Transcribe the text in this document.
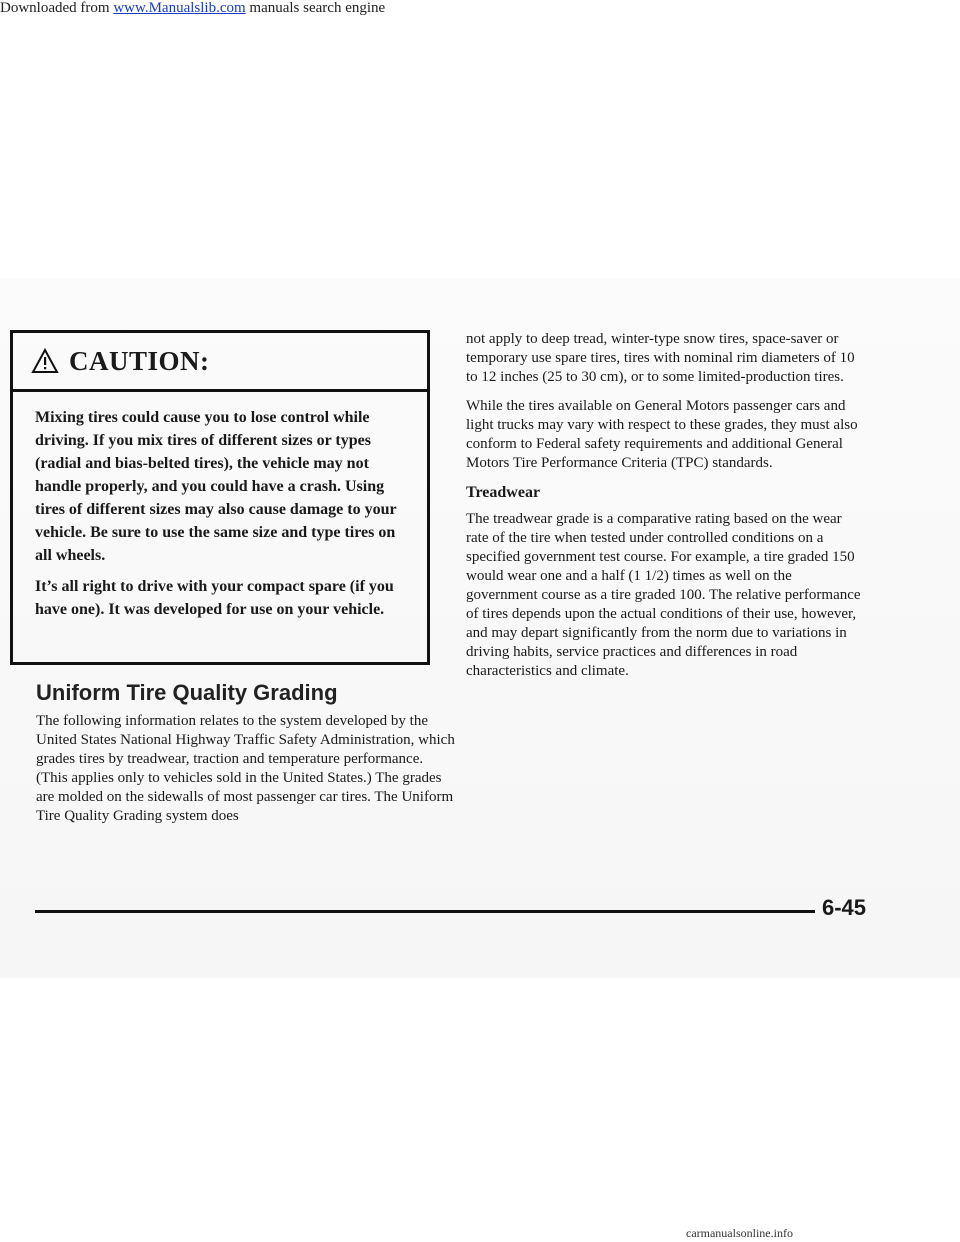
Downloaded from www.Manualslib.com manuals search engine
CAUTION:

Mixing tires could cause you to lose control while driving. If you mix tires of different sizes or types (radial and bias-belted tires), the vehicle may not handle properly, and you could have a crash. Using tires of different sizes may also cause damage to your vehicle. Be sure to use the same size and type tires on all wheels.

It’s all right to drive with your compact spare (if you have one). It was developed for use on your vehicle.

Uniform Tire Quality Grading

The following information relates to the system developed by the United States National Highway Traffic Safety Administration, which grades tires by treadwear, traction and temperature performance. (This applies only to vehicles sold in the United States.) The grades are molded on the sidewalls of most passenger car tires. The Uniform Tire Quality Grading system does

not apply to deep tread, winter-type snow tires, space-saver or temporary use spare tires, tires with nominal rim diameters of 10 to 12 inches (25 to 30 cm), or to some limited-production tires.

While the tires available on General Motors passenger cars and light trucks may vary with respect to these grades, they must also conform to Federal safety requirements and additional General Motors Tire Performance Criteria (TPC) standards.

Treadwear

The treadwear grade is a comparative rating based on the wear rate of the tire when tested under controlled conditions on a specified government test course. For example, a tire graded 150 would wear one and a half (1 1/2) times as well on the government course as a tire graded 100. The relative performance of tires depends upon the actual conditions of their use, however, and may depart significantly from the norm due to variations in driving habits, service practices and differences in road characteristics and climate.

6-45
carmanualsonline.info
